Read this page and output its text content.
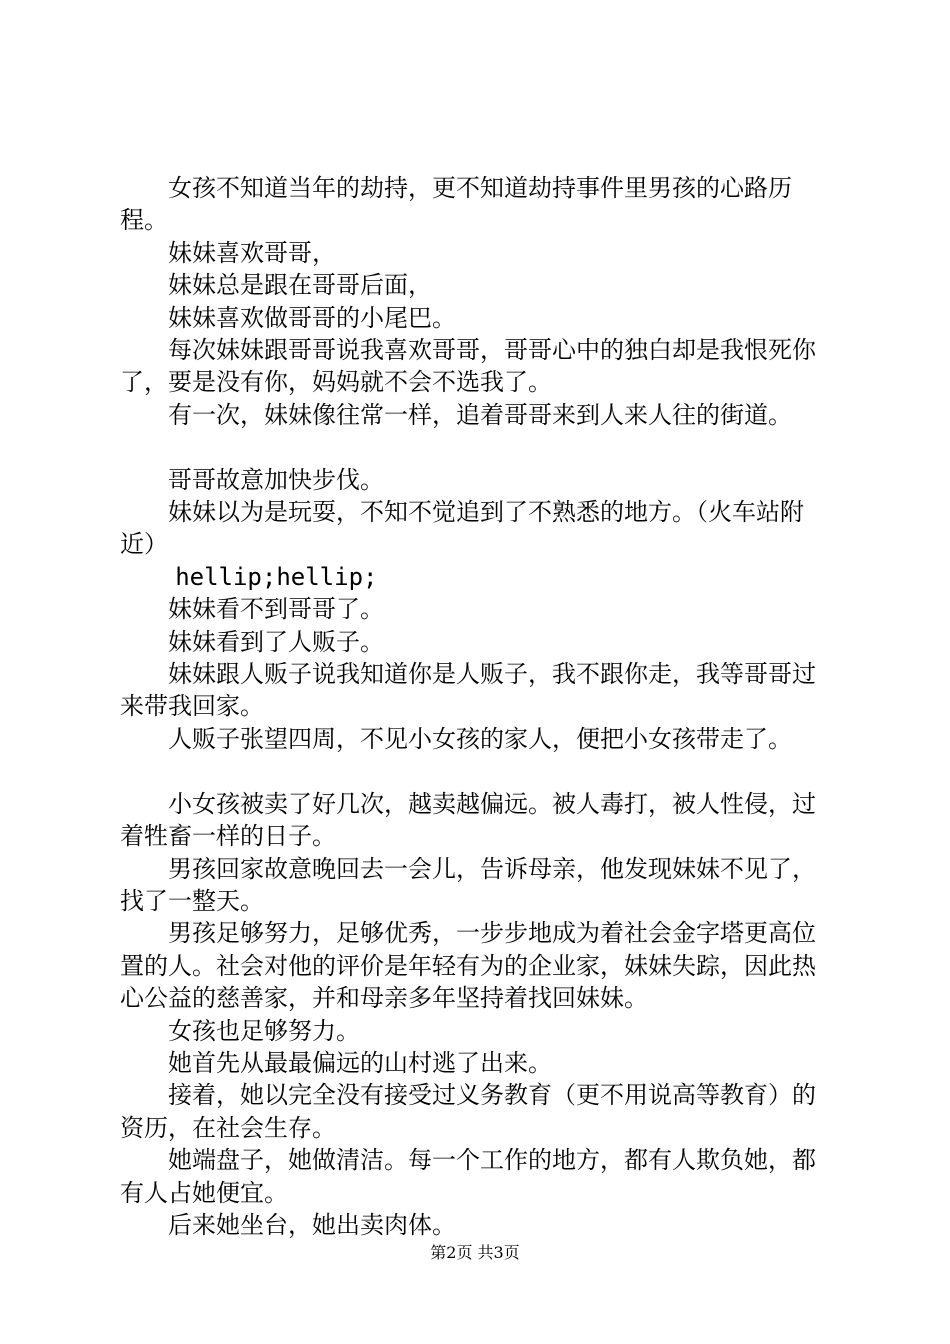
女孩不知道当年的劫持，更不知道劫持事件里男孩的心路历程。

妹妹喜欢哥哥，

妹妹总是跟在哥哥后面，

妹妹喜欢做哥哥的小尾巴。

每次妹妹跟哥哥说我喜欢哥哥，哥哥心中的独白却是我恨死你了，要是没有你，妈妈就不会不选我了。

有一次，妹妹像往常一样，追着哥哥来到人来人往的街道。

哥哥故意加快步伐。

妹妹以为是玩耍，不知不觉追到了不熟悉的地方。（火车站附近）

hellip;hellip;

妹妹看不到哥哥了。

妹妹看到了人贩子。

妹妹跟人贩子说我知道你是人贩子，我不跟你走，我等哥哥过来带我回家。

人贩子张望四周，不见小女孩的家人，便把小女孩带走了。

小女孩被卖了好几次，越卖越偏远。被人毒打，被人性侵，过着牲畜一样的日子。

男孩回家故意晚回去一会儿，告诉母亲，他发现妹妹不见了，找了一整天。

男孩足够努力，足够优秀，一步步地成为着社会金字塔更高位置的人。社会对他的评价是年轻有为的企业家，妹妹失踪，因此热心公益的慈善家，并和母亲多年坚持着找回妹妹。

女孩也足够努力。

她首先从最最偏远的山村逃了出来。

接着，她以完全没有接受过义务教育（更不用说高等教育）的资历，在社会生存。

她端盘子，她做清洁。每一个工作的地方，都有人欺负她，都有人占她便宜。

后来她坐台，她出卖肉体。

第2页 共3页
